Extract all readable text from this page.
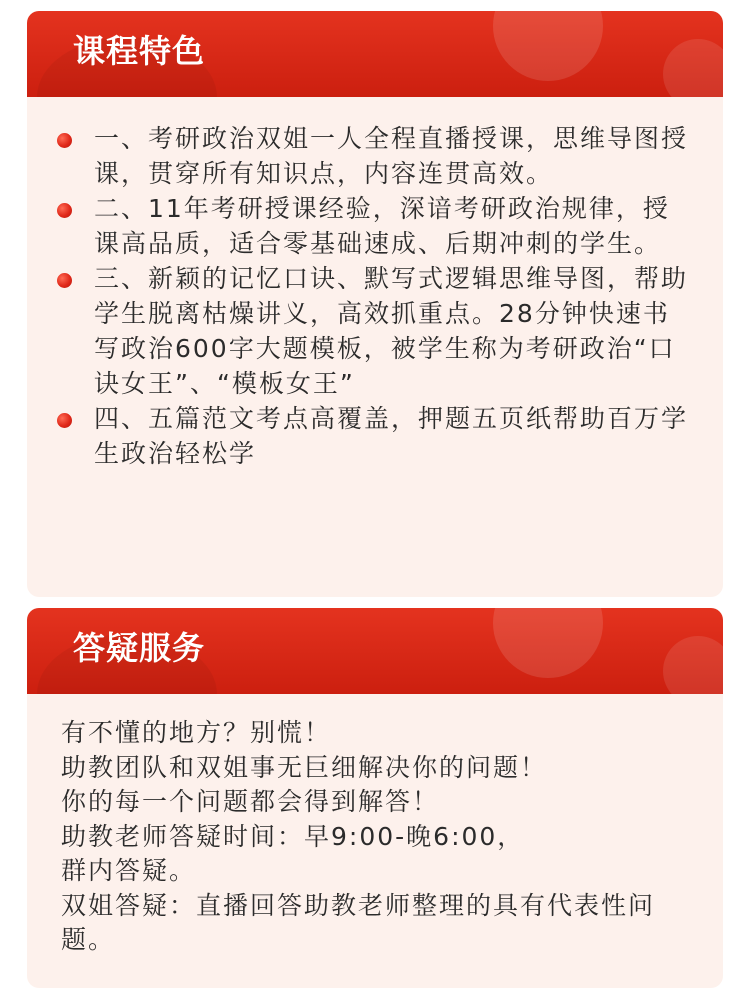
课程特色
一、考研政治双姐一人全程直播授课，思维导图授课，贯穿所有知识点，内容连贯高效。
二、11年考研授课经验，深谙考研政治规律，授课高品质，适合零基础速成、后期冲刺的学生。
三、新颖的记忆口诀、默写式逻辑思维导图，帮助学生脱离枯燥讲义，高效抓重点。28分钟快速书写政治600字大题模板，被学生称为考研政治“口诀女王”、“模板女王”
四、五篇范文考点高覆盖，押题五页纸帮助百万学生政治轻松学
答疑服务

有不懂的地方？别慌！

助教团队和双姐事无巨细解决你的问题！

你的每一个问题都会得到解答！

助教老师答疑时间：早9:00-晚6:00，

群内答疑。

双姐答疑：直播回答助教老师整理的具有代表性问题。
